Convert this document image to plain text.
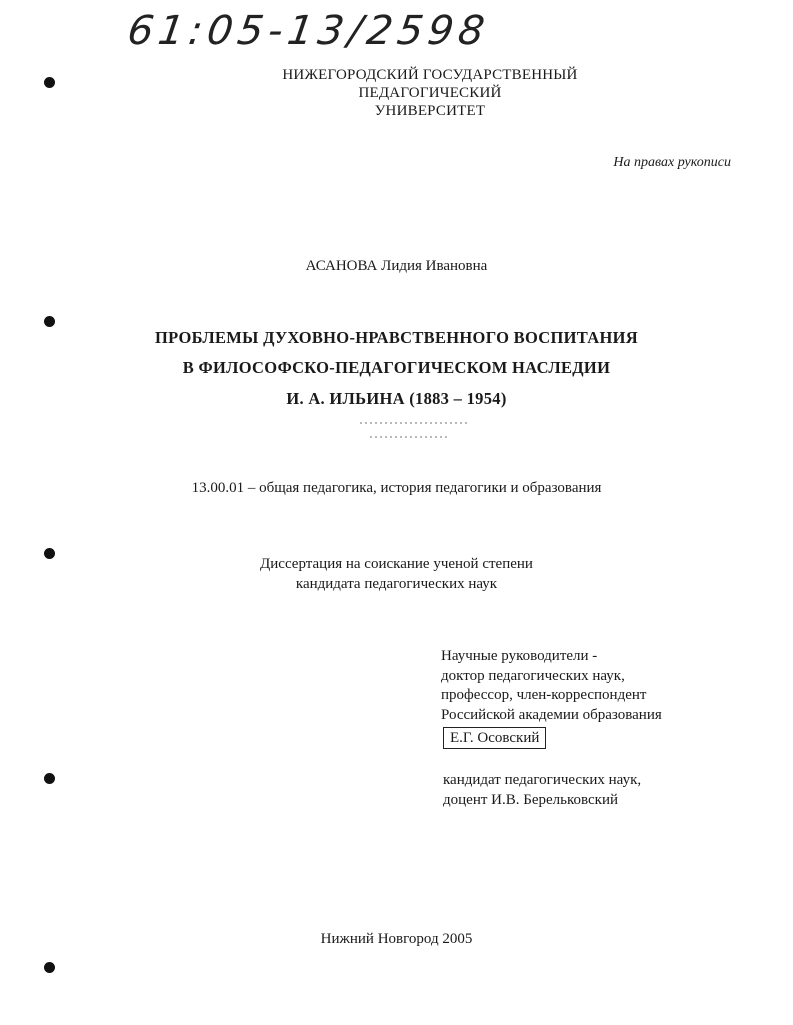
61:05-13/2598
НИЖЕГОРОДСКИЙ ГОСУДАРСТВЕННЫЙ ПЕДАГОГИЧЕСКИЙ
УНИВЕРСИТЕТ
На правах рукописи
АСАНОВА Лидия Ивановна
ПРОБЛЕМЫ ДУХОВНО-НРАВСТВЕННОГО ВОСПИТАНИЯ
В ФИЛОСОФСКО-ПЕДАГОГИЧЕСКОМ НАСЛЕДИИ
И. А. ИЛЬИНА (1883 – 1954)
13.00.01 – общая педагогика, история педагогики и образования
Диссертация на соискание ученой степени
кандидата педагогических наук
Научные руководители -
доктор педагогических наук,
профессор, член-корреспондент
Российской академии образования
Е.Г. Осовский
кандидат педагогических наук,
доцент И.В. Берельковский
Нижний Новгород 2005
